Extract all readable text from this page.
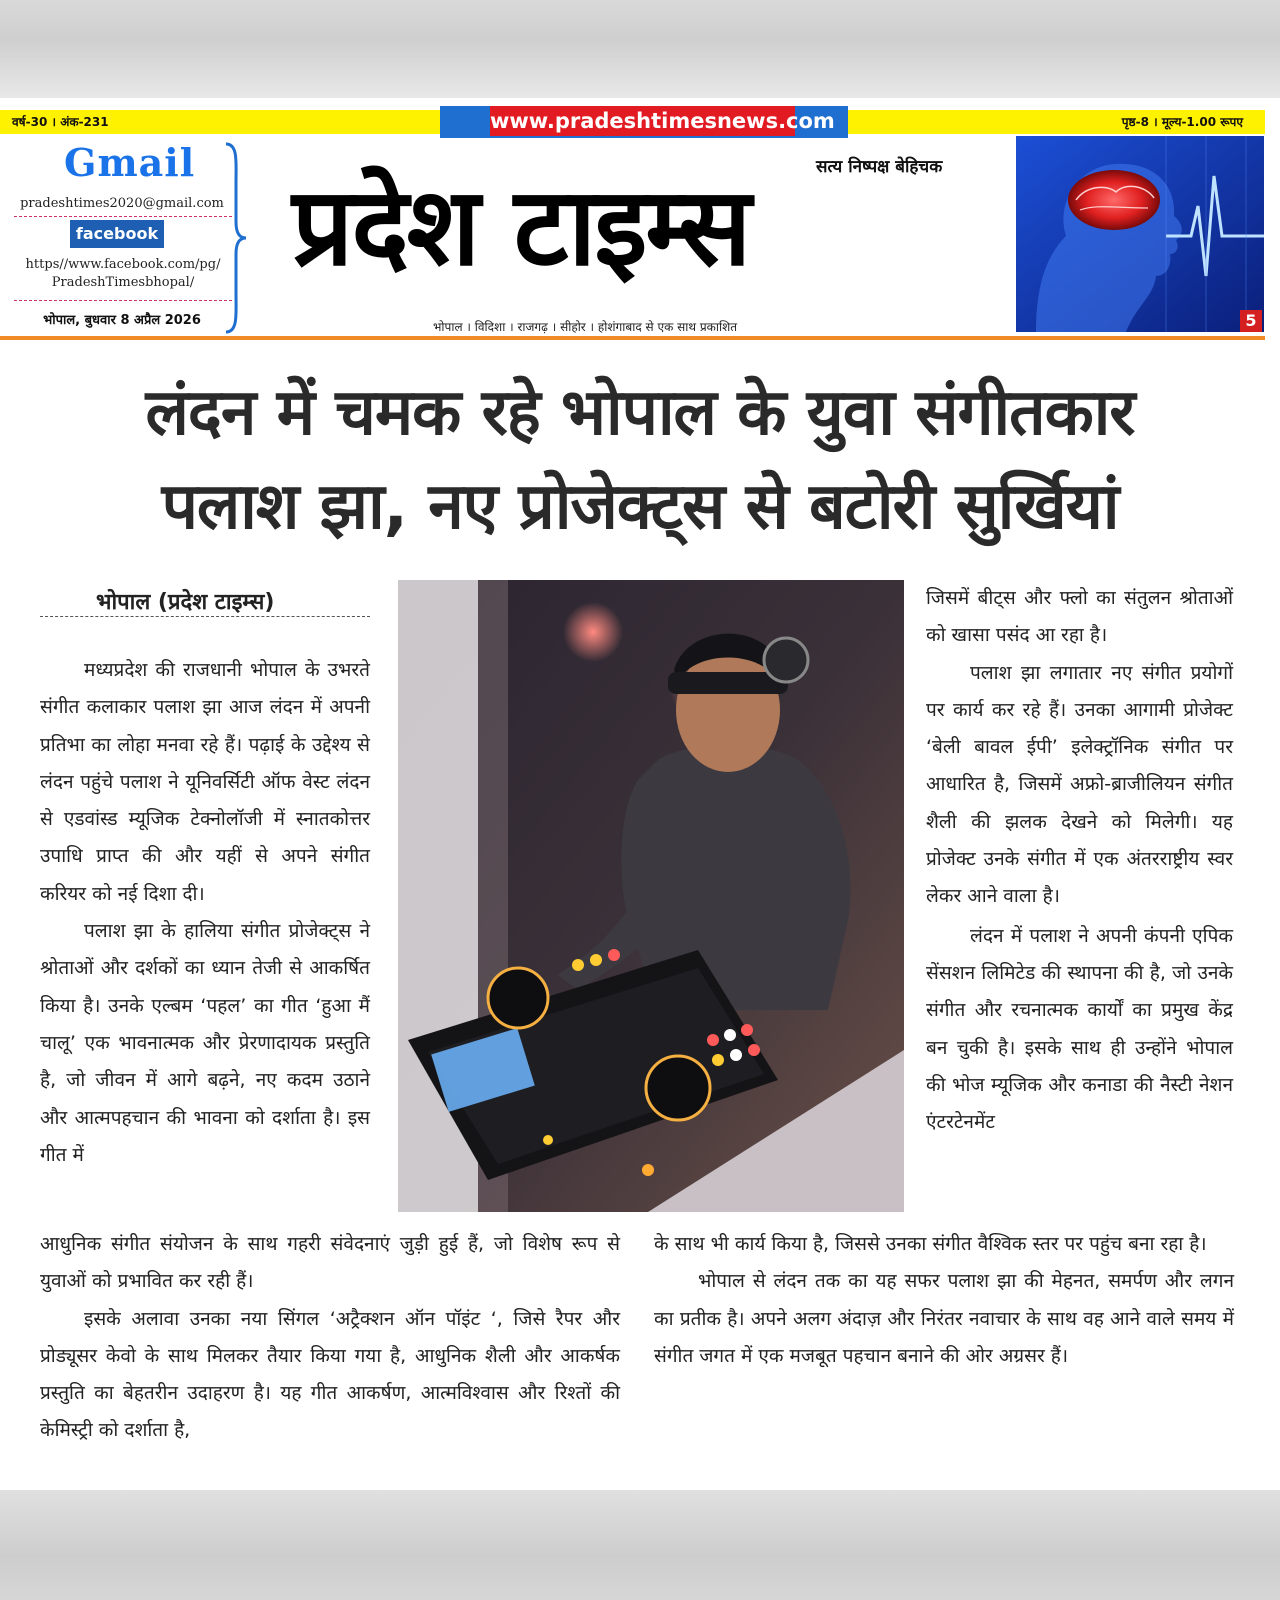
वर्ष-30 । अंक-231	पृष्ठ-8 । मूल्य-1.00 रूपए
www.pradeshtimesnews.com
Gmail
pradeshtimes2020@gmail.com
facebook
https//www.facebook.com/pg/
PradeshTimesbhopal/
भोपाल, बुधवार 8 अप्रैल 2026
सत्य निष्पक्ष बेहिचक
प्रदेश टाइम्स
भोपाल । विदिशा । राजगढ़ । सीहोर । होशंगाबाद से एक साथ प्रकाशित	5
लंदन में चमक रहे भोपाल के युवा संगीतकार
पलाश झा, नए प्रोजेक्ट्स से बटोरी सुर्खियां
भोपाल (प्रदेश टाइम्स)

मध्यप्रदेश की राजधानी भोपाल के उभरते संगीत कलाकार पलाश झा आज लंदन में अपनी प्रतिभा का लोहा मनवा रहे हैं। पढ़ाई के उद्देश्य से लंदन पहुंचे पलाश ने यूनिवर्सिटी ऑफ वेस्ट लंदन से एडवांस्ड म्यूजिक टेक्नोलॉजी में स्नातकोत्तर उपाधि प्राप्त की और यहीं से अपने संगीत करियर को नई दिशा दी।

पलाश झा के हालिया संगीत प्रोजेक्ट्स ने श्रोताओं और दर्शकों का ध्यान तेजी से आकर्षित किया है। उनके एल्बम ‘पहल’ का गीत ‘हुआ मैं चालू’ एक भावनात्मक और प्रेरणादायक प्रस्तुति है, जो जीवन में आगे बढ़ने, नए कदम उठाने और आत्मपहचान की भावना को दर्शाता है। इस गीत में

जिसमें बीट्स और फ्लो का संतुलन श्रोताओं को खासा पसंद आ रहा है।

पलाश झा लगातार नए संगीत प्रयोगों पर कार्य कर रहे हैं। उनका आगामी प्रोजेक्ट ‘बेली बावल ईपी’ इलेक्ट्रॉनिक संगीत पर आधारित है, जिसमें अफ्रो-ब्राजीलियन संगीत शैली की झलक देखने को मिलेगी। यह प्रोजेक्ट उनके संगीत में एक अंतरराष्ट्रीय स्वर लेकर आने वाला है।

लंदन में पलाश ने अपनी कंपनी एपिक सेंसशन लिमिटेड की स्थापना की है, जो उनके संगीत और रचनात्मक कार्यों का प्रमुख केंद्र बन चुकी है। इसके साथ ही उन्होंने भोपाल की भोज म्यूजिक और कनाडा की नैस्टी नेशन एंटरटेनमेंट

आधुनिक संगीत संयोजन के साथ गहरी संवेदनाएं जुड़ी हुई हैं, जो विशेष रूप से युवाओं को प्रभावित कर रही हैं।

इसके अलावा उनका नया सिंगल ‘अट्रैक्शन ऑन पॉइंट ‘, जिसे रैपर और प्रोड्यूसर केवो के साथ मिलकर तैयार किया गया है, आधुनिक शैली और आकर्षक प्रस्तुति का बेहतरीन उदाहरण है। यह गीत आकर्षण, आत्मविश्वास और रिश्तों की केमिस्ट्री को दर्शाता है,

के साथ भी कार्य किया है, जिससे उनका संगीत वैश्विक स्तर पर पहुंच बना रहा है।

भोपाल से लंदन तक का यह सफर पलाश झा की मेहनत, समर्पण और लगन का प्रतीक है। अपने अलग अंदाज़ और निरंतर नवाचार के साथ वह आने वाले समय में संगीत जगत में एक मजबूत पहचान बनाने की ओर अग्रसर हैं।
